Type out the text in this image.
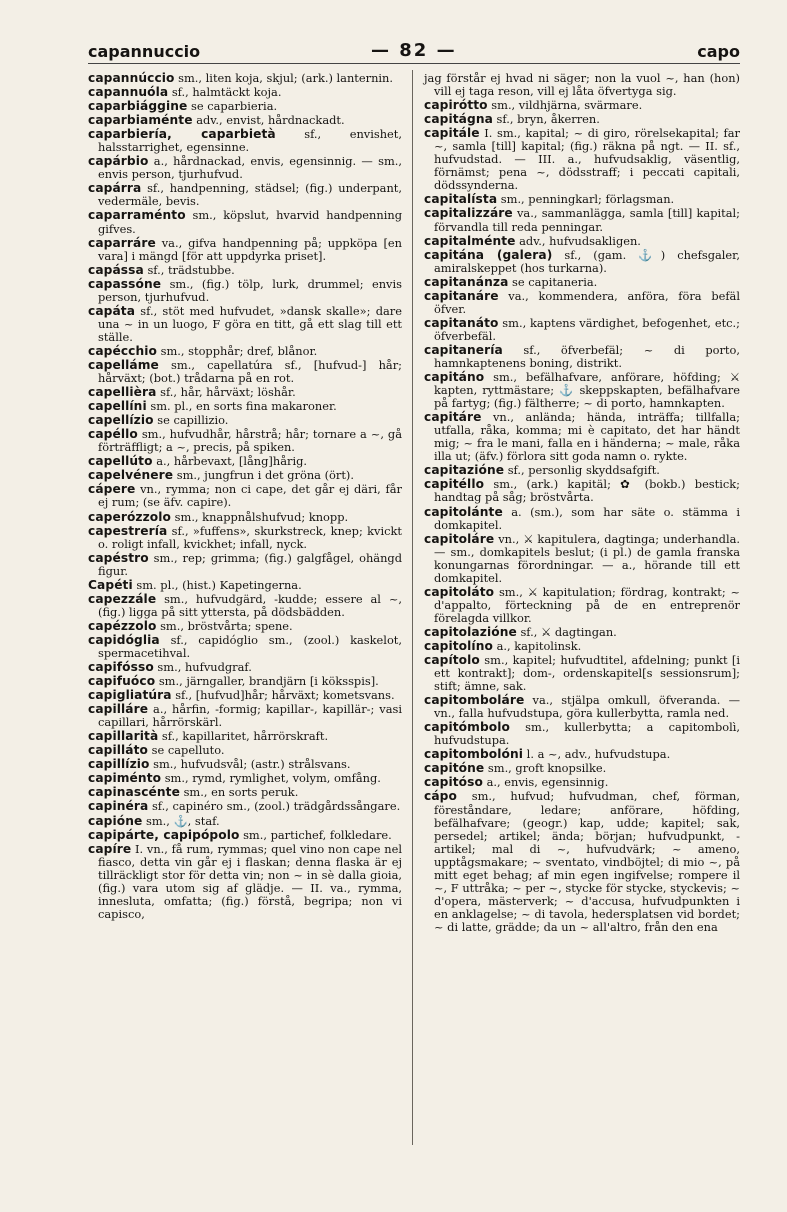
capannuccio	— 82 —	capo
capannúccio sm., liten koja, skjul; (ark.) lanternin.
capannuóla sf., halmtäckt koja.
caparbiággine se caparbieria.
caparbiaménte adv., envist, hårdnackadt.
caparbiería, caparbietà sf., envishet, halsstarrighet, egensinne.
capárbio a., hårdnackad, envis, egensinnig. — sm., envis person, tjurhufvud.
capárra sf., handpenning, städsel; (fig.) underpant, vedermäle, bevis.
caparraménto sm., köpslut, hvarvid handpenning gifves.
caparráre va., gifva handpenning på; uppköpa [en vara] i mängd [för att uppdyrka priset].
capássa sf., trädstubbe.
capassóne sm., (fig.) tölp, lurk, drummel; envis person, tjurhufvud.
capáta sf., stöt med hufvudet, »dansk skalle»; dare una ~ in un luogo, F göra en titt, gå ett slag till ett ställe.
capécchio sm., stopphår; dref, blånor.
capelláme sm., capellatúra sf., [hufvud-] hår; hårväxt; (bot.) trådarna på en rot.
capellièra sf., hår, hårväxt; löshår.
capellíni sm. pl., en sorts fina makaroner.
capellízio se capillizio.
capéllo sm., hufvudhår, hårstrå; hår; tornare a ~, gå förträffligt; a ~, precis, på spiken.
capellúto a., hårbevaxt, [lång]hårig.
capelvénere sm., jungfrun i det gröna (ört).
cápere vn., rymma; non ci cape, det går ej däri, får ej rum; (se äfv. capire).
caperózzolo sm., knappnålshufvud; knopp.
capestrería sf., »fuffens», skurkstreck, knep; kvickt o. roligt infall, kvickhet; infall, nyck.
capéstro sm., rep; grimma; (fig.) galgfågel, ohängd figur.
Capéti sm. pl., (hist.) Kapetingerna.
capezzále sm., hufvudgärd, -kudde; essere al ~, (fig.) ligga på sitt yttersta, på dödsbädden.
capézzolo sm., bröstvårta; spene.
capidóglia sf., capidóglio sm., (zool.) kaskelot, spermacetihval.
capifósso sm., hufvudgraf.
capifuóco sm., järngaller, brandjärn [i köksspis].
capigliatúra sf., [hufvud]hår; hårväxt; kometsvans.
capilláre a., hårfin, -formig; kapillar-, kapillär-; vasi capillari, hårrörskärl.
capillarità sf., kapillaritet, hårrörskraft.
capilláto se capelluto.
capillízio sm., hufvudsvål; (astr.) strålsvans.
capiménto sm., rymd, rymlighet, volym, omfång.
capinascénte sm., en sorts peruk.
capinéra sf., capinéro sm., (zool.) trädgårdssångare.
capióne sm., ⚓, staf.
capipárte, capipópolo sm., partichef, folkledare.
capíre I. vn., få rum, rymmas; quel vino non cape nel fiasco, detta vin går ej i flaskan; denna flaska är ej tillräckligt stor för detta vin; non ~ in sè dalla gioia, (fig.) vara utom sig af glädje. — II. va., rymma, innesluta, omfatta; (fig.) förstå, begripa; non vi capisco,
jag förstår ej hvad ni säger; non la vuol ~, han (hon) vill ej taga reson, vill ej låta öfvertyga sig.
capirótto sm., vildhjärna, svärmare.
capitágna sf., bryn, åkerren.
capitále I. sm., kapital; ~ di giro, rörelsekapital; far ~, samla [till] kapital; (fig.) räkna på ngt. — II. sf., hufvudstad. — III. a., hufvudsaklig, väsentlig, förnämst; pena ~, dödsstraff; i peccati capitali, dödssynderna.
capitalísta sm., penningkarl; förlagsman.
capitalizzáre va., sammanlägga, samla [till] kapital; förvandla till reda penningar.
capitalménte adv., hufvudsakligen.
capitána (galera) sf., (gam. ⚓) chefsgaler, amiralskeppet (hos turkarna).
capitanánza se capitaneria.
capitanáre va., kommendera, anföra, föra befäl öfver.
capitanáto sm., kaptens värdighet, befogenhet, etc.; öfverbefäl.
capitanería sf., öfverbefäl; ~ di porto, hamnkaptenens boning, distrikt.
capitáno sm., befälhafvare, anförare, höfding; ⚔ kapten, ryttmästare; ⚓ skeppskapten, befälhafvare på fartyg; (fig.) fältherre; ~ di porto, hamnkapten.
capitáre vn., anlända; hända, inträffa; tillfalla; utfalla, råka, komma; mi è capitato, det har händt mig; ~ fra le mani, falla en i händerna; ~ male, råka illa ut; (äfv.) förlora sitt goda namn o. rykte.
capitazióne sf., personlig skyddsafgift.
capitéllo sm., (ark.) kapitäl; ✿ (bokb.) bestick; handtag på såg; bröstvårta.
capitolánte a. (sm.), som har säte o. stämma i domkapitel.
capitoláre vn., ⚔ kapitulera, dagtinga; underhandla. — sm., domkapitels beslut; (i pl.) de gamla franska konungarnas förordningar. — a., hörande till ett domkapitel.
capitoláto sm., ⚔ kapitulation; fördrag, kontrakt; ~ d'appalto, förteckning på de en entreprenör förelagda villkor.
capitolazióne sf., ⚔ dagtingan.
capitolíno a., kapitolinsk.
capítolo sm., kapitel; hufvudtitel, afdelning; punkt [i ett kontrakt]; dom-, ordenskapitel[s sessionsrum]; stift; ämne, sak.
capitomboláre va., stjälpa omkull, öfveranda. — vn., falla hufvudstupa, göra kullerbytta, ramla ned.
capitómbolo sm., kullerbytta; a capitombolì, hufvudstupa.
capitombolóni l. a ~, adv., hufvudstupa.
capitóne sm., groft knopsilke.
capitóso a., envis, egensinnig.
cápo sm., hufvud; hufvudman, chef, förman, föreståndare, ledare; anförare, höfding, befälhafvare; (geogr.) kap, udde; kapitel; sak, persedel; artikel; ända; början; hufvudpunkt, -artikel; mal di ~, hufvudvärk; ~ ameno, upptågsmakare; ~ sventato, vindböjtel; di mio ~, på mitt eget behag; af min egen ingifvelse; rompere il ~, F uttråka; ~ per ~, stycke för stycke, styckevis; ~ d'opera, mästerverk; ~ d'accusa, hufvudpunkten i en anklagelse; ~ di tavola, hedersplatsen vid bordet; ~ di latte, grädde; da un ~ all'altro, från den ena
